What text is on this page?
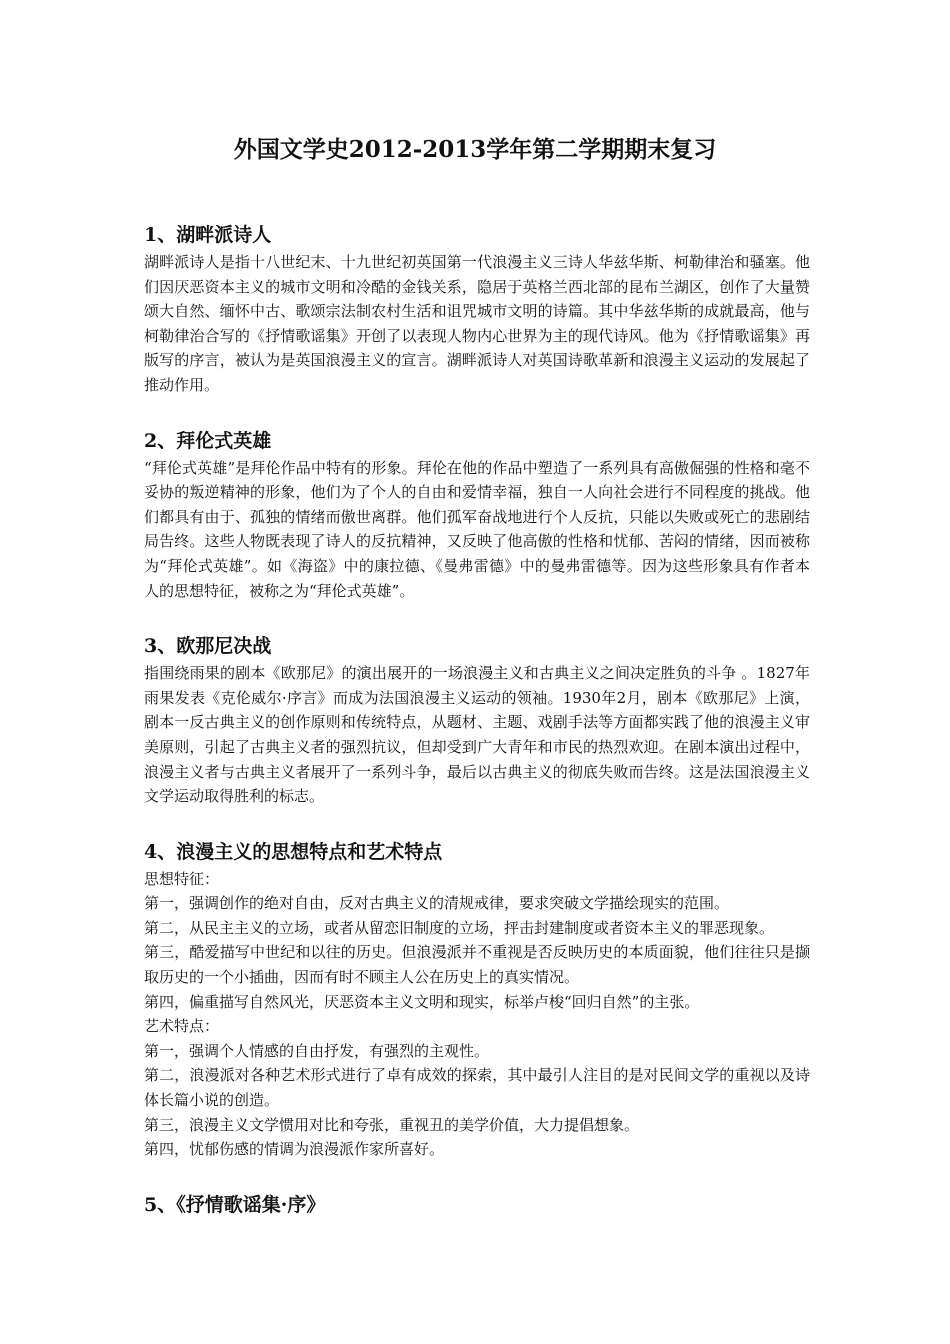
外国文学史2012-2013学年第二学期期末复习
1、湖畔派诗人

湖畔派诗人是指十八世纪末、十九世纪初英国第一代浪漫主义三诗人华兹华斯、柯勒律治和骚塞。他们因厌恶资本主义的城市文明和冷酷的金钱关系，隐居于英格兰西北部的昆布兰湖区，创作了大量赞颂大自然、缅怀中古、歌颂宗法制农村生活和诅咒城市文明的诗篇。其中华兹华斯的成就最高，他与柯勒律治合写的《抒情歌谣集》开创了以表现人物内心世界为主的现代诗风。他为《抒情歌谣集》再版写的序言，被认为是英国浪漫主义的宣言。湖畔派诗人对英国诗歌革新和浪漫主义运动的发展起了推动作用。

2、拜伦式英雄

“拜伦式英雄”是拜伦作品中特有的形象。拜伦在他的作品中塑造了一系列具有高傲倔强的性格和毫不妥协的叛逆精神的形象，他们为了个人的自由和爱情幸福，独自一人向社会进行不同程度的挑战。他们都具有由于、孤独的情绪而傲世离群。他们孤军奋战地进行个人反抗，只能以失败或死亡的悲剧结局告终。这些人物既表现了诗人的反抗精神，又反映了他高傲的性格和忧郁、苦闷的情绪，因而被称为“拜伦式英雄”。如《海盗》中的康拉德、《曼弗雷德》中的曼弗雷德等。因为这些形象具有作者本人的思想特征，被称之为“拜伦式英雄”。

3、欧那尼决战

指围绕雨果的剧本《欧那尼》的演出展开的一场浪漫主义和古典主义之间决定胜负的斗争 。1827年雨果发表《克伦威尔·序言》而成为法国浪漫主义运动的领袖。1930年2月，剧本《欧那尼》上演，剧本一反古典主义的创作原则和传统特点，从题材、主题、戏剧手法等方面都实践了他的浪漫主义审美原则，引起了古典主义者的强烈抗议，但却受到广大青年和市民的热烈欢迎。在剧本演出过程中，浪漫主义者与古典主义者展开了一系列斗争，最后以古典主义的彻底失败而告终。这是法国浪漫主义文学运动取得胜利的标志。

4、浪漫主义的思想特点和艺术特点

思想特征：

第一，强调创作的绝对自由，反对古典主义的清规戒律，要求突破文学描绘现实的范围。

第二，从民主主义的立场，或者从留恋旧制度的立场，抨击封建制度或者资本主义的罪恶现象。

第三，酷爱描写中世纪和以往的历史。但浪漫派并不重视是否反映历史的本质面貌，他们往往只是撷取历史的一个小插曲，因而有时不顾主人公在历史上的真实情况。

第四，偏重描写自然风光，厌恶资本主义文明和现实，标举卢梭“回归自然”的主张。

艺术特点：

第一，强调个人情感的自由抒发，有强烈的主观性。

第二，浪漫派对各种艺术形式进行了卓有成效的探索，其中最引人注目的是对民间文学的重视以及诗体长篇小说的创造。

第三，浪漫主义文学惯用对比和夸张，重视丑的美学价值，大力提倡想象。

第四，忧郁伤感的情调为浪漫派作家所喜好。

5、《抒情歌谣集·序》
